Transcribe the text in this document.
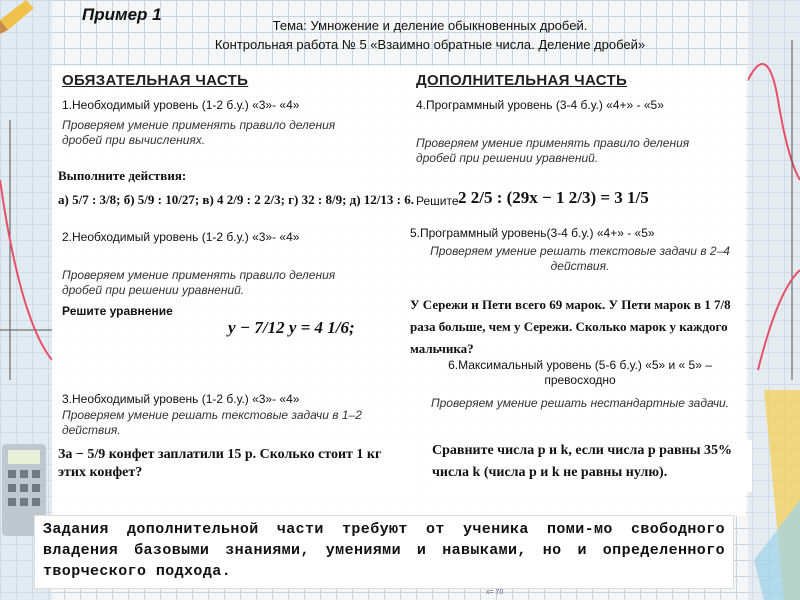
Пример 1
Тема: Умножение и деление обыкновенных дробей.
Контрольная работа № 5 «Взаимно обратные числа. Деление дробей»
ОБЯЗАТЕЛЬНАЯ ЧАСТЬ
1.Необходимый уровень (1-2 б.у.) «3»- «4»
Проверяем умение применять правило деления дробей при вычислениях.
Выполните действия:
а) 5/7 : 3/8; б) 5/9 : 10/27; в) 4 2/9 : 2 2/3; г) 32 : 8/9; д) 12/13 : 6.
2.Необходимый уровень (1-2 б.у.) «3»- «4»
Проверяем умение применять правило деления дробей при решении уравнений.
Решите уравнение
y − 7/12 y = 4 1/6;
3.Необходимый уровень (1-2 б.у.) «3»- «4»
Проверяем умение решать текстовые задачи в 1–2 действия.
За − 5/9 конфет заплатили 15 р. Сколько стоит 1 кг этих конфет?
ДОПОЛНИТЕЛЬНАЯ ЧАСТЬ
4.Программный уровень (3-4 б.у.) «4+» - «5»
Проверяем умение применять правило деления дробей при решении уравнений.
Решите 2 2/5 : (29x − 1 2/3) = 3 1/5
5.Программный уровень(3-4 б.у.) «4+» - «5»
Проверяем умение решать текстовые задачи в 2–4 действия.
У Сережи и Пети всего 69 марок. У Пети марок в 1 7/8 раза больше, чем у Сережи. Сколько марок у каждого мальчика?
6.Максимальный уровень (5-6 б.у.) «5» и « 5» – превосходно
Проверяем умение решать нестандартные задачи.
Сравните числа p и k, если числа p равны 35% числа k (числа p и k не равны нулю).
Задания дополнительной части требуют от ученика поми-мо свободного владения базовыми знаниями, умениями и навыками, но и определенного творческого подхода.
x= 70
